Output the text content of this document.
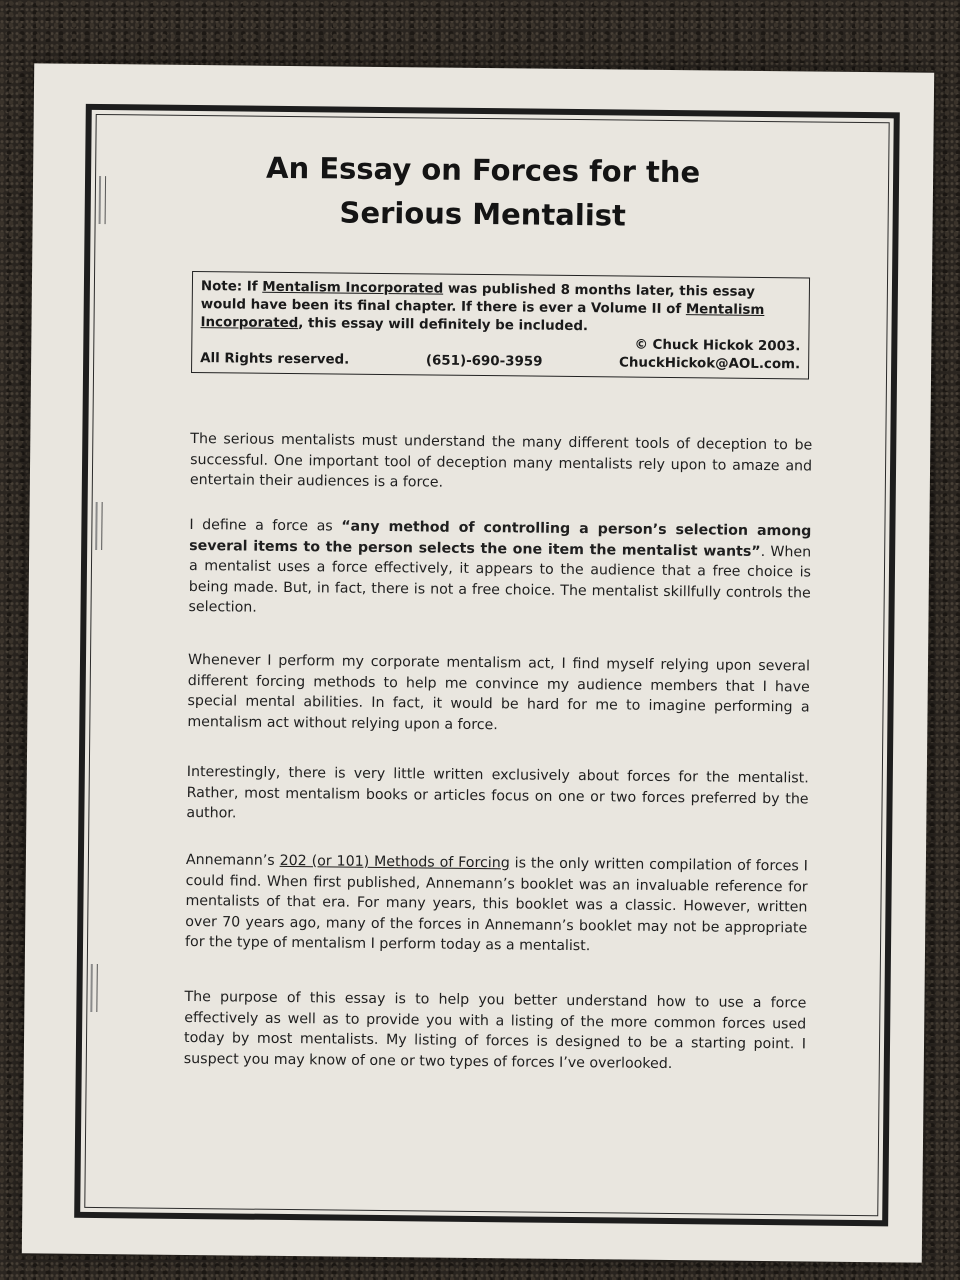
An Essay on Forces for the
Serious Mentalist
Note: If Mentalism Incorporated was published 8 months later, this essay would have been its final chapter. If there is ever a Volume II of Mentalism Incorporated, this essay will definitely be included.
© Chuck Hickok 2003.
All Rights reserved.	(651)-690-3959	ChuckHickok@AOL.com.
The serious mentalists must understand the many different tools of deception to be successful. One important tool of deception many mentalists rely upon to amaze and entertain their audiences is a force.
I define a force as “any method of controlling a person’s selection among several items to the person selects the one item the mentalist wants”. When a mentalist uses a force effectively, it appears to the audience that a free choice is being made. But, in fact, there is not a free choice. The mentalist skillfully controls the selection.
Whenever I perform my corporate mentalism act, I find myself relying upon several different forcing methods to help me convince my audience members that I have special mental abilities. In fact, it would be hard for me to imagine performing a mentalism act without relying upon a force.
Interestingly, there is very little written exclusively about forces for the mentalist. Rather, most mentalism books or articles focus on one or two forces preferred by the author.
Annemann’s 202 (or 101) Methods of Forcing is the only written compilation of forces I could find. When first published, Annemann’s booklet was an invaluable reference for mentalists of that era. For many years, this booklet was a classic. However, written over 70 years ago, many of the forces in Annemann’s booklet may not be appropriate for the type of mentalism I perform today as a mentalist.
The purpose of this essay is to help you better understand how to use a force effectively as well as to provide you with a listing of the more common forces used today by most mentalists. My listing of forces is designed to be a starting point. I suspect you may know of one or two types of forces I’ve overlooked.
